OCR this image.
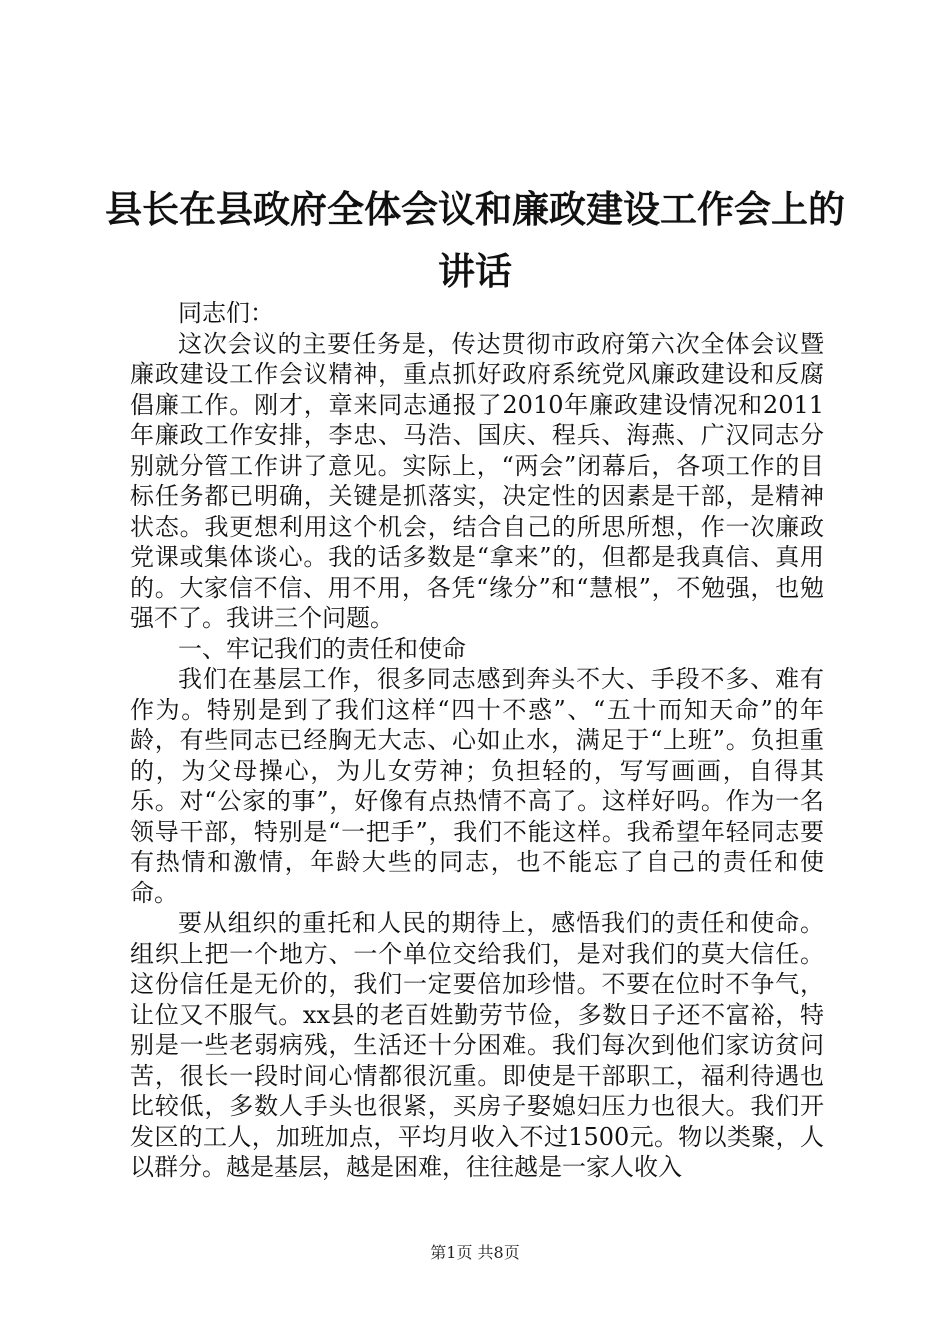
县长在县政府全体会议和廉政建设工作会上的
讲话

同志们：

这次会议的主要任务是，传达贯彻市政府第六次全体会议暨廉政建设工作会议精神，重点抓好政府系统党风廉政建设和反腐倡廉工作。刚才，章来同志通报了2010年廉政建设情况和2011年廉政工作安排，李忠、马浩、国庆、程兵、海燕、广汉同志分别就分管工作讲了意见。实际上，“两会”闭幕后，各项工作的目标任务都已明确，关键是抓落实，决定性的因素是干部，是精神状态。我更想利用这个机会，结合自己的所思所想，作一次廉政党课或集体谈心。我的话多数是“拿来”的，但都是我真信、真用的。大家信不信、用不用，各凭“缘分”和“慧根”，不勉强，也勉强不了。我讲三个问题。

一、牢记我们的责任和使命

我们在基层工作，很多同志感到奔头不大、手段不多、难有作为。特别是到了我们这样“四十不惑”、“五十而知天命”的年龄，有些同志已经胸无大志、心如止水，满足于“上班”。负担重的，为父母操心，为儿女劳神；负担轻的，写写画画，自得其乐。对“公家的事”，好像有点热情不高了。这样好吗。作为一名领导干部，特别是“一把手”，我们不能这样。我希望年轻同志要有热情和激情，年龄大些的同志，也不能忘了自己的责任和使命。

要从组织的重托和人民的期待上，感悟我们的责任和使命。组织上把一个地方、一个单位交给我们，是对我们的莫大信任。这份信任是无价的，我们一定要倍加珍惜。不要在位时不争气，让位又不服气。xx县的老百姓勤劳节俭，多数日子还不富裕，特别是一些老弱病残，生活还十分困难。我们每次到他们家访贫问苦，很长一段时间心情都很沉重。即使是干部职工，福利待遇也比较低，多数人手头也很紧，买房子娶媳妇压力也很大。我们开发区的工人，加班加点，平均月收入不过1500元。物以类聚，人以群分。越是基层，越是困难，往往越是一家人收入

第1页 共8页
